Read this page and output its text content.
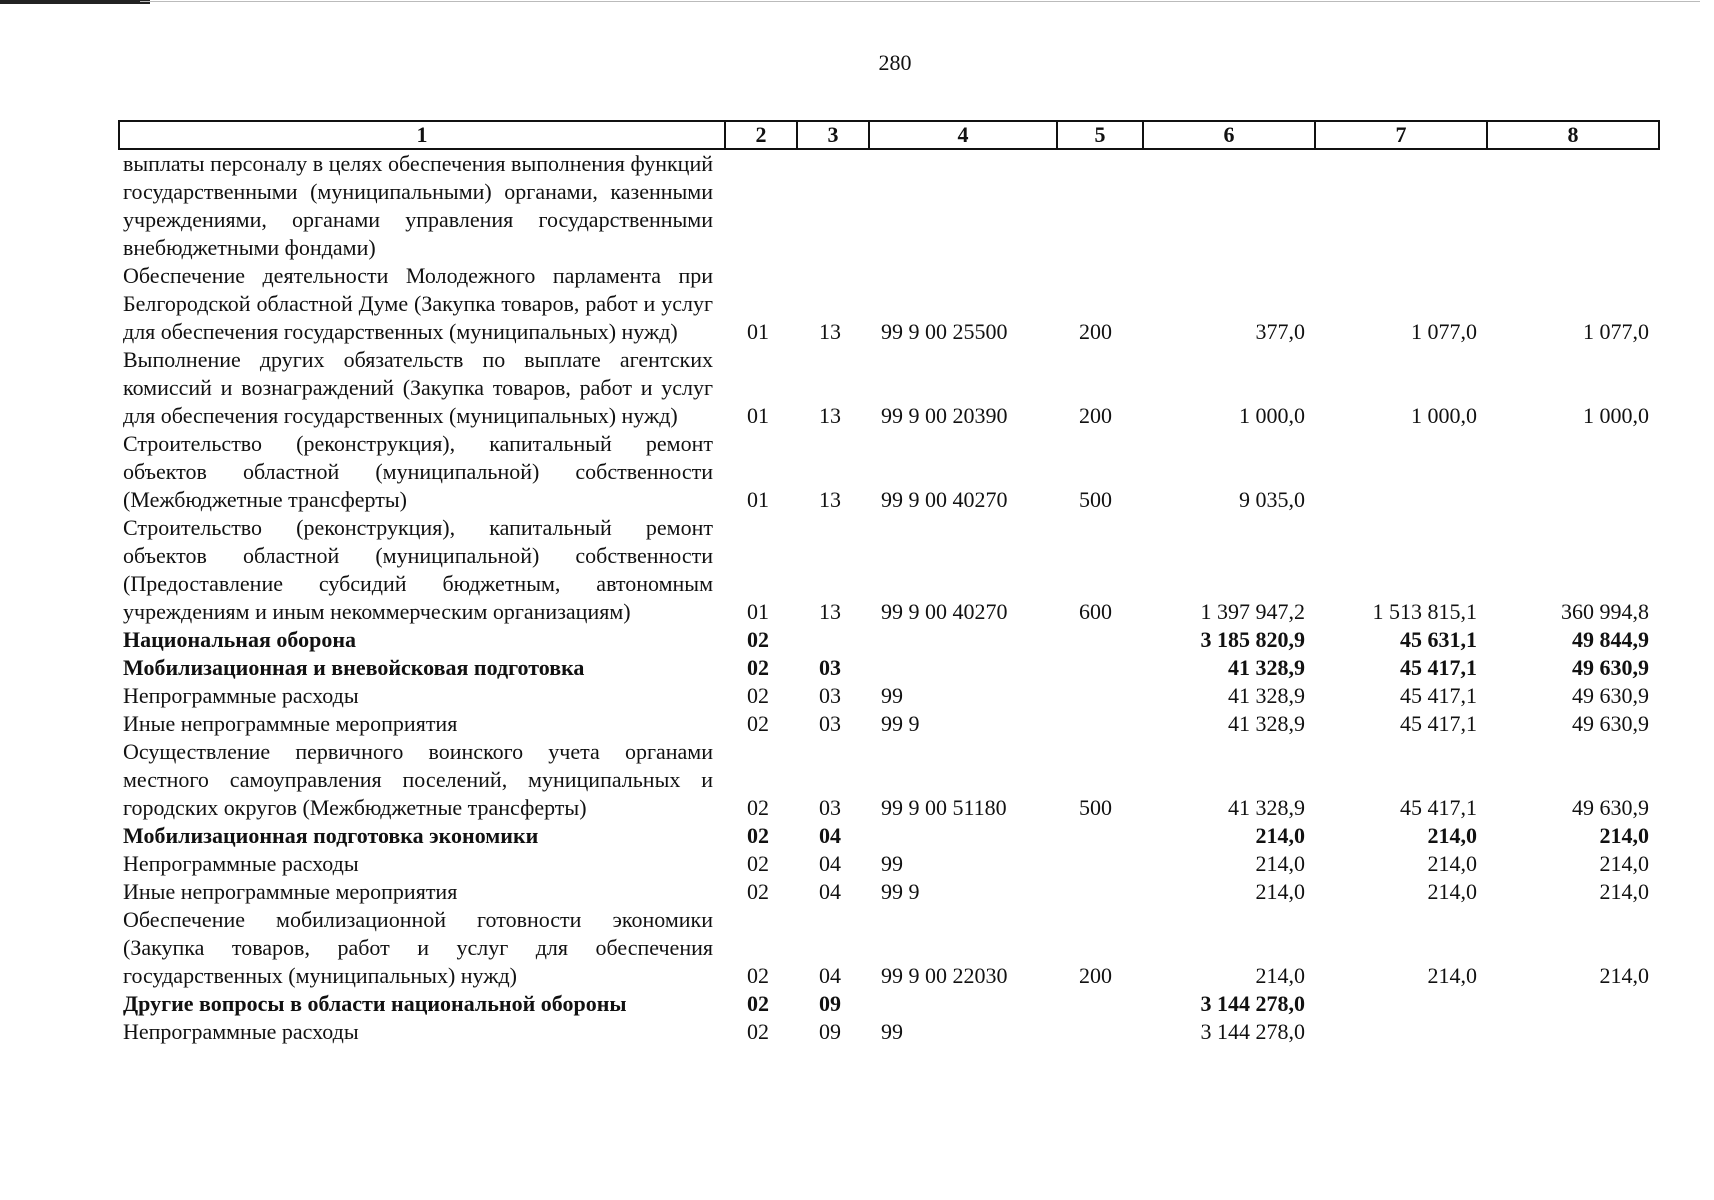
280
1	2	3	4	5	6	7	8
выплаты персоналу в целях обеспечения выполнения функций государственными (муниципальными) органами, казенными учреждениями, органами управления государственными внебюджетными фондами)							
Обеспечение деятельности Молодежного парламента при Белгородской областной Думе (Закупка товаров, работ и услуг для обеспечения государственных (муниципальных) нужд)	01	13	99 9 00 25500	200	377,0	1 077,0	1 077,0
Выполнение других обязательств по выплате агентских комиссий и вознаграждений (Закупка товаров, работ и услуг для обеспечения государственных (муниципальных) нужд)	01	13	99 9 00 20390	200	1 000,0	1 000,0	1 000,0
Строительство (реконструкция), капитальный ремонт объектов областной (муниципальной) собственности (Межбюджетные трансферты)	01	13	99 9 00 40270	500	9 035,0		
Строительство (реконструкция), капитальный ремонт объектов областной (муниципальной) собственности (Предоставление субсидий бюджетным, автономным учреждениям и иным некоммерческим организациям)	01	13	99 9 00 40270	600	1 397 947,2	1 513 815,1	360 994,8
Национальная оборона	02				3 185 820,9	45 631,1	49 844,9
Мобилизационная и вневойсковая подготовка	02	03			41 328,9	45 417,1	49 630,9
Непрограммные расходы	02	03	99		41 328,9	45 417,1	49 630,9
Иные непрограммные мероприятия	02	03	99 9		41 328,9	45 417,1	49 630,9
Осуществление первичного воинского учета органами местного самоуправления поселений, муниципальных и городских округов (Межбюджетные трансферты)	02	03	99 9 00 51180	500	41 328,9	45 417,1	49 630,9
Мобилизационная подготовка экономики	02	04			214,0	214,0	214,0
Непрограммные расходы	02	04	99		214,0	214,0	214,0
Иные непрограммные мероприятия	02	04	99 9		214,0	214,0	214,0
Обеспечение мобилизационной готовности экономики (Закупка товаров, работ и услуг для обеспечения государственных (муниципальных) нужд)	02	04	99 9 00 22030	200	214,0	214,0	214,0
Другие вопросы в области национальной обороны	02	09			3 144 278,0		
Непрограммные расходы	02	09	99		3 144 278,0		
